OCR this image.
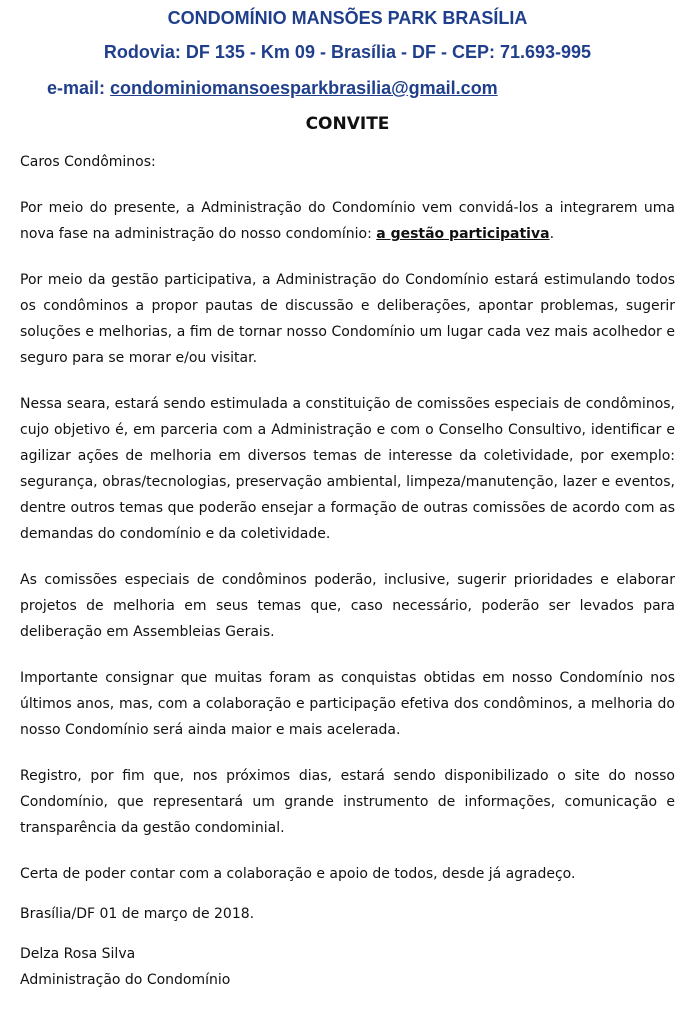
CONDOMÍNIO MANSÕES PARK BRASÍLIA
Rodovia: DF 135 - Km 09 - Brasília - DF - CEP: 71.693-995
e-mail: condominiomansoesparkbrasilia@gmail.com
CONVITE

Caros Condôminos:

Por meio do presente, a Administração do Condomínio vem convidá-los a integrarem uma nova fase na administração do nosso condomínio: a gestão participativa.

Por meio da gestão participativa, a Administração do Condomínio estará estimulando todos os condôminos a propor pautas de discussão e deliberações, apontar problemas, sugerir soluções e melhorias, a fim de tornar nosso Condomínio um lugar cada vez mais acolhedor e seguro para se morar e/ou visitar.

Nessa seara, estará sendo estimulada a constituição de comissões especiais de condôminos, cujo objetivo é, em parceria com a Administração e com o Conselho Consultivo, identificar e agilizar ações de melhoria em diversos temas de interesse da coletividade, por exemplo: segurança, obras/tecnologias, preservação ambiental, limpeza/manutenção, lazer e eventos, dentre outros temas que poderão ensejar a formação de outras comissões de acordo com as demandas do condomínio e da coletividade.

As comissões especiais de condôminos poderão, inclusive, sugerir prioridades e elaborar projetos de melhoria em seus temas que, caso necessário, poderão ser levados para deliberação em Assembleias Gerais.

Importante consignar que muitas foram as conquistas obtidas em nosso Condomínio nos últimos anos, mas, com a colaboração e participação efetiva dos condôminos, a melhoria do nosso Condomínio será ainda maior e mais acelerada.

Registro, por fim que, nos próximos dias, estará sendo disponibilizado o site do nosso Condomínio, que representará um grande instrumento de informações, comunicação e transparência da gestão condominial.

Certa de poder contar com a colaboração e apoio de todos, desde já agradeço.

Brasília/DF 01 de março de 2018.

Delza Rosa Silva

Administração do Condomínio
